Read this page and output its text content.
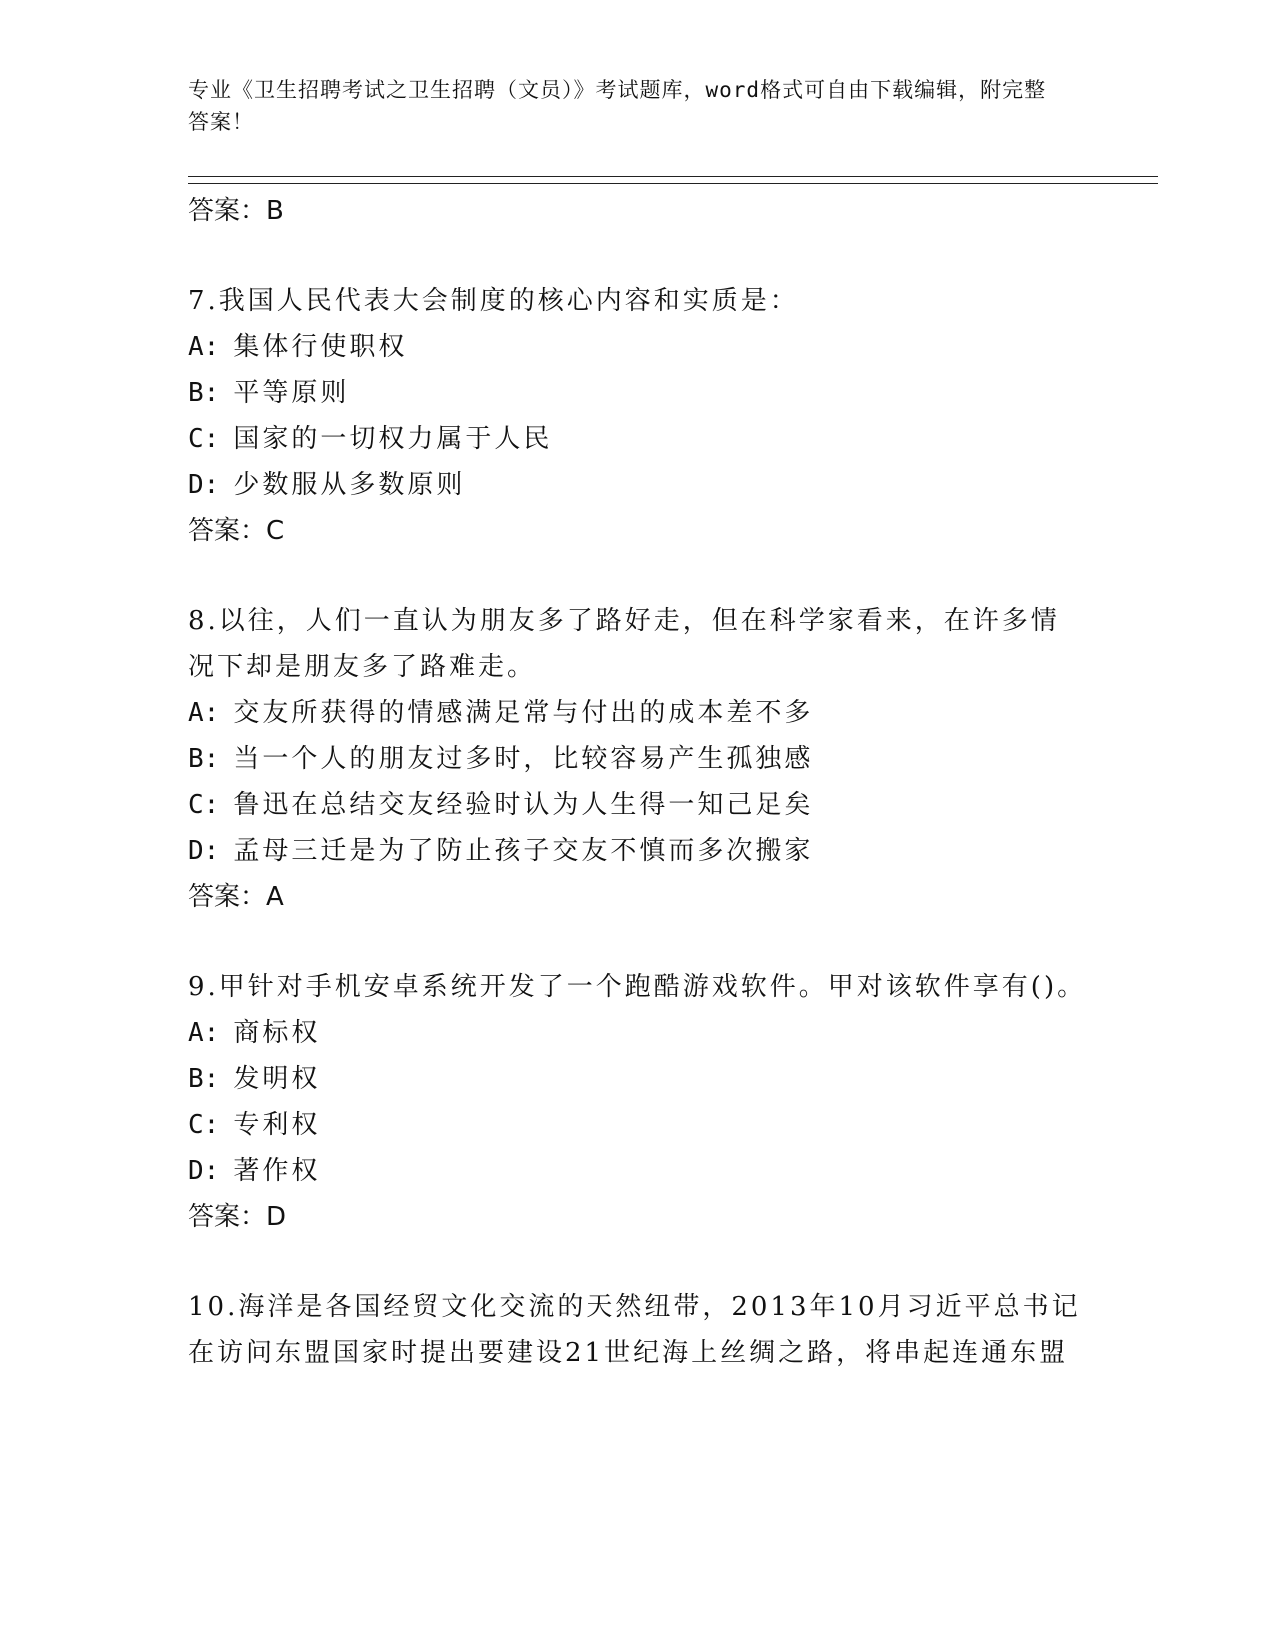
专业《卫生招聘考试之卫生招聘（文员）》考试题库，word格式可自由下载编辑，附完整答案！
答案：B
7.我国人民代表大会制度的核心内容和实质是：
A: 集体行使职权
B: 平等原则
C: 国家的一切权力属于人民
D: 少数服从多数原则
答案：C
8.以往，人们一直认为朋友多了路好走，但在科学家看来，在许多情况下却是朋友多了路难走。
A: 交友所获得的情感满足常与付出的成本差不多
B: 当一个人的朋友过多时，比较容易产生孤独感
C: 鲁迅在总结交友经验时认为人生得一知己足矣
D: 孟母三迁是为了防止孩子交友不慎而多次搬家
答案：A
9.甲针对手机安卓系统开发了一个跑酷游戏软件。甲对该软件享有()。
A: 商标权
B: 发明权
C: 专利权
D: 著作权
答案：D
10.海洋是各国经贸文化交流的天然纽带，2013年10月习近平总书记在访问东盟国家时提出要建设21世纪海上丝绸之路，将串起连通东盟
